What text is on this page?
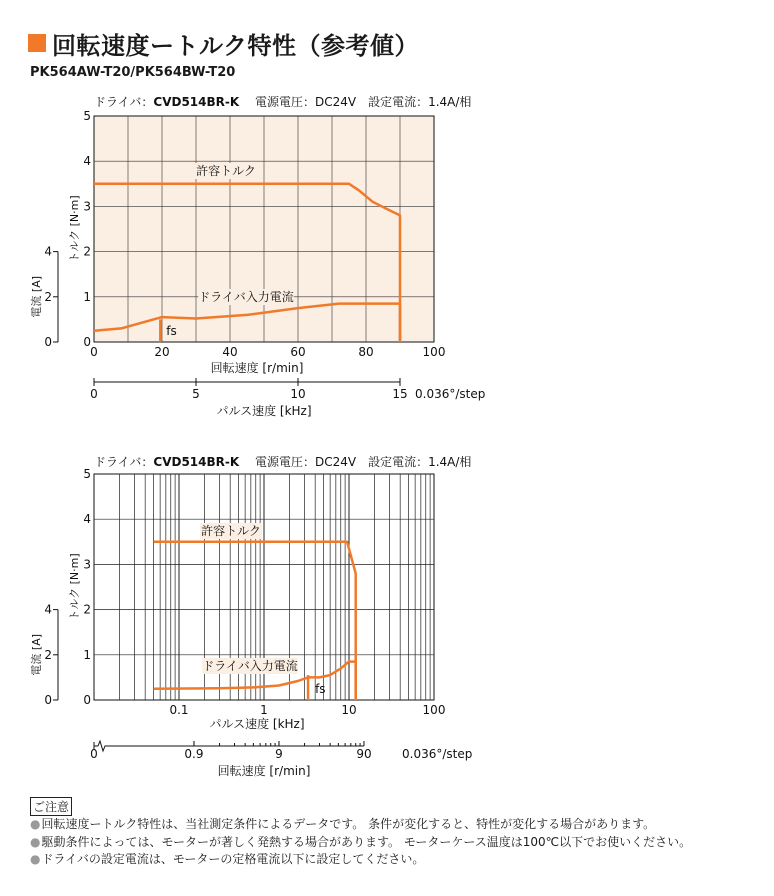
回転速度ートルク特性（参考値）
PK564AW-T20/PK564BW-T20
ドライバ：CVD514BR-K　 電源電圧：DC24V　設定電流：1.4A/相
0	20	40	60	80	100
回転速度 [r/min]
0
1
2
3
4
5
トルク [N·m]
0
2
4
電流 [A]
fs
許容トルク
ドライバ入力電流
0	5	10	15 0.036°/step
パルス速度 [kHz]
ドライバ：CVD514BR-K　 電源電圧：DC24V　設定電流：1.4A/相
0.1	1	10	100
パルス速度 [kHz]
0
1
2
3
4
5
トルク [N·m]
0
2
4
電流 [A]
fs
許容トルク
ドライバ入力電流
0	0.9	9	90	0.036°/step
回転速度 [r/min]
ご注意
●回転速度ートルク特性は、当社測定条件によるデータです。 条件が変化すると、特性が変化する場合があります。
●駆動条件によっては、モーターが著しく発熱する場合があります。 モーターケース温度は100℃以下でお使いください。
●ドライバの設定電流は、モーターの定格電流以下に設定してください。
